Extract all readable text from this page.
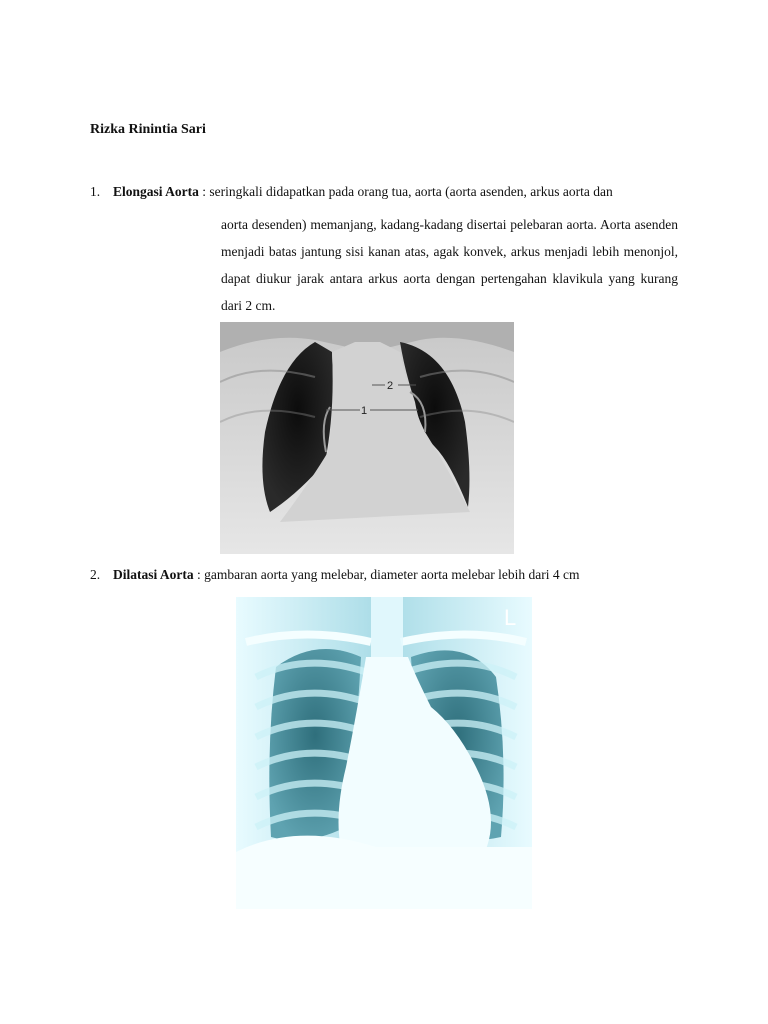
Rizka Rinintia Sari
1. Elongasi Aorta : seringkali didapatkan pada orang tua, aorta (aorta asenden, arkus aorta dan
aorta desenden) memanjang, kadang-kadang disertai pelebaran aorta. Aorta asenden menjadi batas jantung sisi kanan atas, agak konvek, arkus menjadi lebih menonjol, dapat diukur jarak antara arkus aorta dengan pertengahan klavikula yang kurang dari 2 cm.
1
2
2. Dilatasi Aorta : gambaran aorta yang melebar, diameter aorta melebar lebih dari 4 cm
L
